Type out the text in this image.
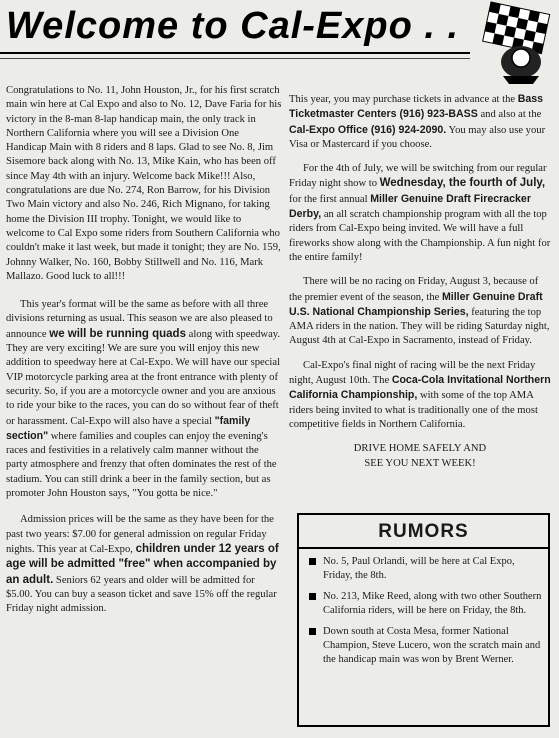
Welcome to Cal-Expo . .

Congratulations to No. 11, John Houston, Jr., for his first scratch main win here at Cal Expo and also to No. 12, Dave Faria for his victory in the 8-man 8-lap handicap main, the only track in Northern California where you will see a Division One Handicap Main with 8 riders and 8 laps. Glad to see No. 8, Jim Sisemore back along with No. 13, Mike Kain, who has been off since May 4th with an injury. Welcome back Mike!!! Also, congratulations are due No. 274, Ron Barrow, for his Division Two Main victory and also No. 246, Rich Mignano, for taking home the Division III trophy. Tonight, we would like to welcome to Cal Expo some riders from Southern California who couldn't make it last week, but made it tonight; they are No. 159, Johnny Walker, No. 160, Bobby Stillwell and No. 116, Mark Mallazo. Good luck to all!!!

This year's format will be the same as before with all three divisions returning as usual. This season we are also pleased to announce we will be running quads along with speedway. They are very exciting! We are sure you will enjoy this new addition to speedway here at Cal-Expo. We will have our special VIP motorcycle parking area at the front entrance with plenty of security. So, if you are a motorcycle owner and you are anxious to ride your bike to the races, you can do so without fear of theft or harassment. Cal-Expo will also have a special "family section" where families and couples can enjoy the evening's races and festivities in a relatively calm manner without the party atmosphere and frenzy that often dominates the rest of the stadium. You can still drink a beer in the family section, but as promoter John Houston says, "You gotta be nice."

Admission prices will be the same as they have been for the past two years: $7.00 for general admission on regular Friday nights. This year at Cal-Expo, children under 12 years of age will be admitted "free" when accompanied by an adult. Seniors 62 years and older will be admitted for $5.00. You can buy a season ticket and save 15% off the regular Friday night admission.

This year, you may purchase tickets in advance at the Bass Ticketmaster Centers (916) 923-BASS and also at the Cal-Expo Office (916) 924-2090. You may also use your Visa or Mastercard if you choose.

For the 4th of July, we will be switching from our regular Friday night show to Wednesday, the fourth of July, for the first annual Miller Genuine Draft Firecracker Derby, an all scratch championship program with all the top riders from Cal-Expo being invited. We will have a full fireworks show along with the Championship. A fun night for the entire family!

There will be no racing on Friday, August 3, because of the premier event of the season, the Miller Genuine Draft U.S. National Championship Series, featuring the top AMA riders in the nation. They will be riding Saturday night, August 4th at Cal-Expo in Sacramento, instead of Friday.

Cal-Expo's final night of racing will be the next Friday night, August 10th. The Coca-Cola Invitational Northern California Championship, with some of the top AMA riders being invited to what is traditionally one of the most competitive fields in Northern California.

DRIVE HOME SAFELY AND

SEE YOU NEXT WEEK!

RUMORS
No. 5, Paul Orlandi, will be here at Cal Expo, Friday, the 8th.
No. 213, Mike Reed, along with two other Southern California riders, will be here on Friday, the 8th.
Down south at Costa Mesa, former National Champion, Steve Lucero, won the scratch main and the handicap main was won by Brent Werner.
